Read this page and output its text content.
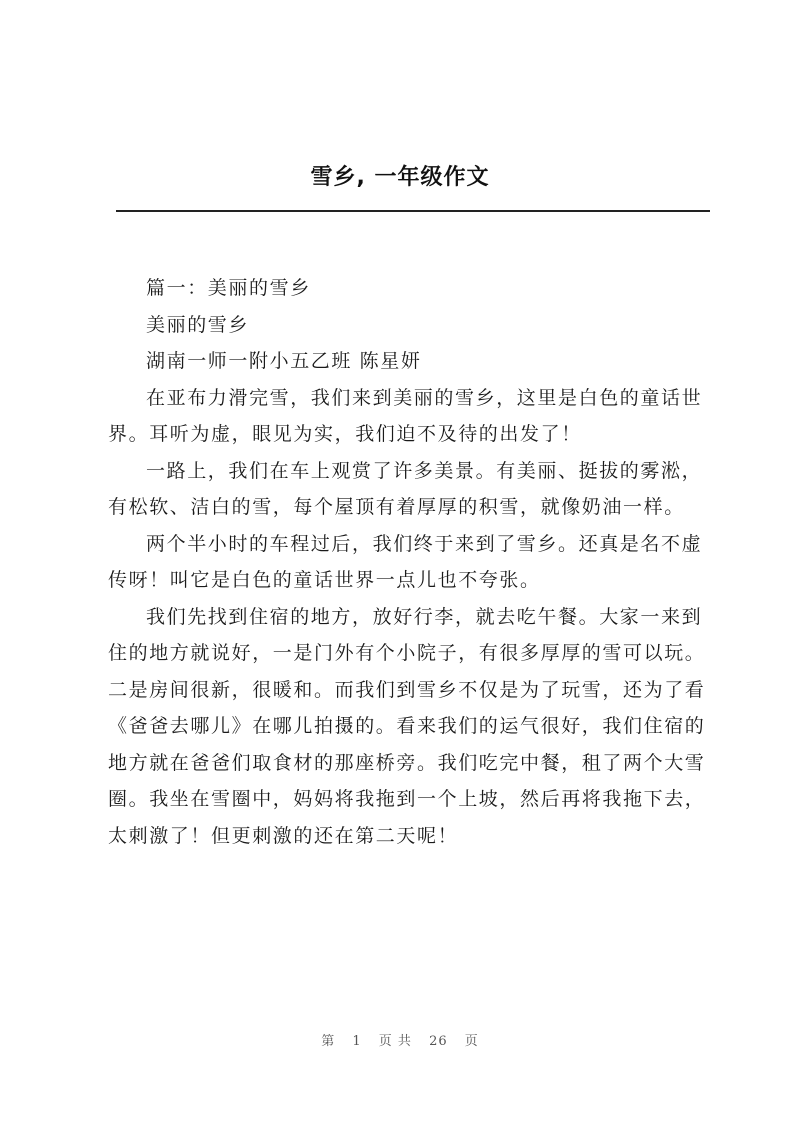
雪乡, 一年级作文

篇一：美丽的雪乡

美丽的雪乡

湖南一师一附小五乙班 陈星妍

在亚布力滑完雪，我们来到美丽的雪乡，这里是白色的童话世界。耳听为虚，眼见为实，我们迫不及待的出发了！

一路上，我们在车上观赏了许多美景。有美丽、挺拔的雾淞，有松软、洁白的雪，每个屋顶有着厚厚的积雪，就像奶油一样。

两个半小时的车程过后，我们终于来到了雪乡。还真是名不虚传呀！叫它是白色的童话世界一点儿也不夸张。

我们先找到住宿的地方，放好行李，就去吃午餐。大家一来到住的地方就说好，一是门外有个小院子，有很多厚厚的雪可以玩。二是房间很新，很暖和。而我们到雪乡不仅是为了玩雪，还为了看《爸爸去哪儿》在哪儿拍摄的。看来我们的运气很好，我们住宿的地方就在爸爸们取食材的那座桥旁。我们吃完中餐，租了两个大雪圈。我坐在雪圈中，妈妈将我拖到一个上坡，然后再将我拖下去，太刺激了！但更刺激的还在第二天呢！

第 1 页 共 26 页
